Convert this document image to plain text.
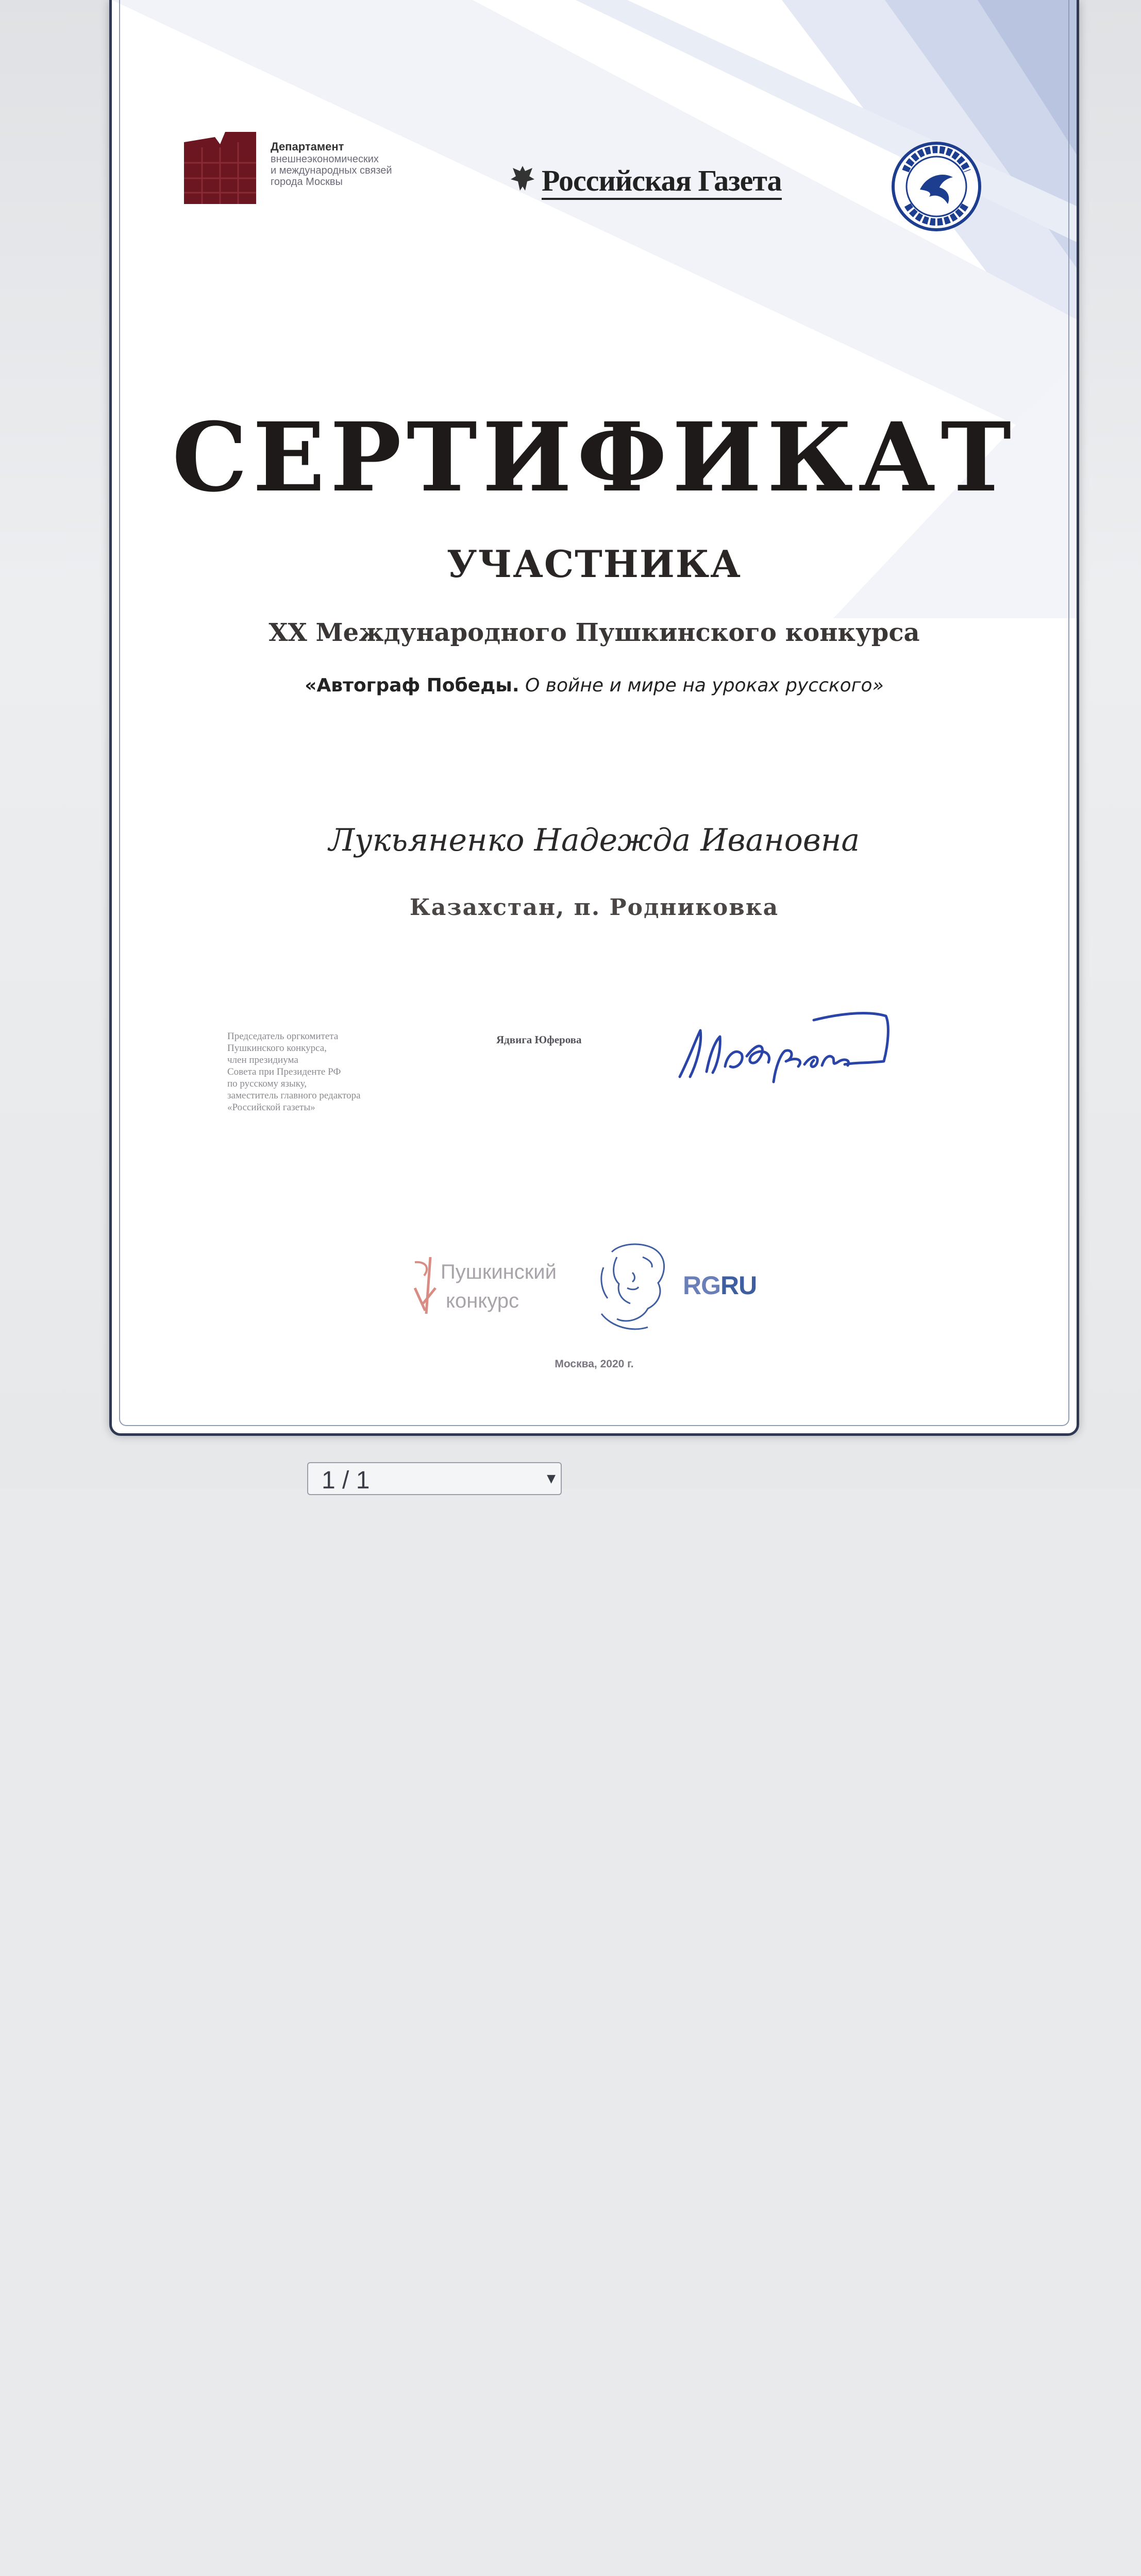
Департамент
внешнеэкономических
и международных связей
города Москвы	Российская Газета
СЕРТИФИКАТ
УЧАСТНИКА
XX Международного Пушкинского конкурса
«Автограф Победы. О войне и мире на уроках русского»
Лукьяненко Надежда Ивановна
Казахстан, п. Родниковка
Председатель оргкомитета
Пушкинского конкурса,
член президиума
Совета при Президенте РФ
по русскому языку,
заместитель главного редактора
«Российской газеты»
Ядвига Юферова
Пушкинский
конкурс
RGRU
Москва, 2020 г.
1 / 1	▼
